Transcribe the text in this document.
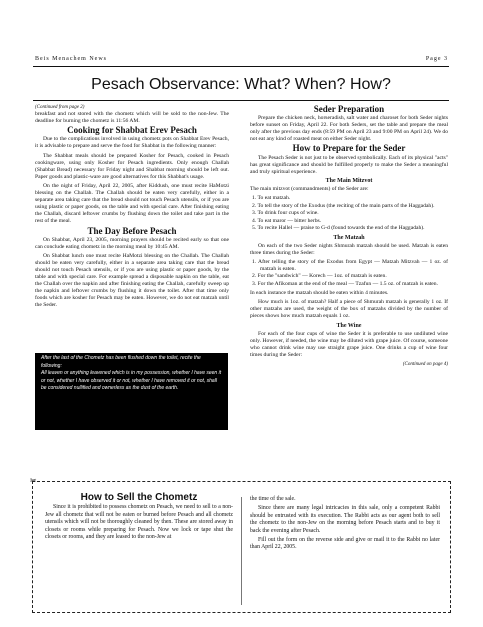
Beis Menachem News	Page 3
Pesach Observance: What? When? How?
(Continued from page 2)

breakfast and not stored with the chometz which will be sold to the non-Jew. The deadline for burning the chometz is 11:56 AM.

Cooking for Shabbat Erev Pesach

Due to the complications involved in using chometz pots on Shabbat Erev Pesach, it is advisable to prepare and serve the food for Shabbat in the following manner:

The Shabbat meals should be prepared Kosher for Pesach, cooked in Pesach cookingware, using only Kosher for Pesach ingredients. Only enough Challah (Shabbat Bread) necessary for Friday night and Shabbat morning should be left out. Paper goods and plastic-ware are good alternatives for this Shabbat's usage.

On the night of Friday, April 22, 2005, after Kiddush, one must recite HaMotzi blessing on the Challah. The Challah should be eaten very carefully, either in a separate area taking care that the bread should not touch Pesach utensils, or if you are using plastic or paper goods, on the table and with special care. After finishing eating the Challah, discard leftover crumbs by flushing down the toilet and take part in the rest of the meal.

The Day Before Pesach

On Shabbat, April 23, 2005, morning prayers should be recited early so that one can conclude eating chometz in the morning meal by 10:45 AM.

On Shabbat lunch one must recite HaMotzi blessing on the Challah. The Challah should be eaten very carefully, either in a separate area taking care that the bread should not touch Pesach utensils, or if you are using plastic or paper goods, by the table and with special care. For example spread a disposable napkin on the table, eat the Challah over the napkin and after finishing eating the Challah, carefully sweep up the napkin and leftover crumbs by flushing it down the toilet. After that time only foods which are kosher for Pesach may be eaten. However, we do not eat matzah until the Seder.

After the last of the Chometz has been flushed down the toilet, recite the following:

All leaven or anything leavened which is in my possession, whether I have seen it or not, whether I have observed it or not, whether I have removed it or not, shall be considered nullified and ownerless as the dust of the earth.

Seder Preparation

Prepare the chicken neck, horseradish, salt water and charoset for both Seder nights before sunset on Friday, April 22. For both Seders, set the table and prepare the meal only after the previous day ends (8:59 PM on April 23 and 9:00 PM on April 24). We do not eat any kind of roasted meat on either Seder night.

How to Prepare for the Seder

The Pesach Seder is not just to be observed symbolically. Each of its physical "acts" has great significance and should be fulfilled properly to make the Seder a meaningful and truly spiritual experience.

The Main Mitzvot

The main mitzvot (commandments) of the Seder are:

1. To eat matzah.
2. To tell the story of the Exodus (the reciting of the main parts of the Haggadah).
3. To drink four cups of wine.
4. To eat maror — bitter herbs.
5. To recite Hallel — praise to G-d (found towards the end of the Haggadah).
The Matzah

On each of the two Seder nights Shmurah matzah should be used. Matzah is eaten three times during the Seder:

1. After telling the story of the Exodus from Egypt — Matzah Mitzvah — 1 oz. of matzah is eaten.
2. For the "sandwich" — Korech — 1oz. of matzah is eaten.
3. For the Afikoman at the end of the meal — Tzafun — 1.5 oz. of matzah is eaten.

In each instance the matzah should be eaten within 4 minutes.

How much is 1oz. of matzah? Half a piece of Shmurah matzah is generally 1 oz. If other matzahs are used, the weight of the box of matzahs divided by the number of pieces shows how much matzah equals 1 oz.

The Wine

For each of the four cups of wine the Seder it is preferable to use undiluted wine only. However, if needed, the wine may be diluted with grape juice. Of course, someone who cannot drink wine may use straight grape juice. One drinks a cup of wine four times during the Seder:

(Continued on page 4)
✂
How to Sell the Chometz

Since it is prohibited to possess chometz on Pesach, we need to sell to a non-Jew all chometz that will not be eaten or burned before Pesach and all chometz utensils which will not be thoroughly cleaned by then. These are stored away in closets or rooms while preparing for Pesach. Now we lock or tape shut the closets or rooms, and they are leased to the non-Jew at

the time of the sale.

Since there are many legal intricacies in this sale, only a competent Rabbi should be entrusted with its execution. The Rabbi acts as our agent both to sell the chometz to the non-Jew on the morning before Pesach starts and to buy it back the evening after Pesach.

Fill out the form on the reverse side and give or mail it to the Rabbi no later than April 22, 2005.
